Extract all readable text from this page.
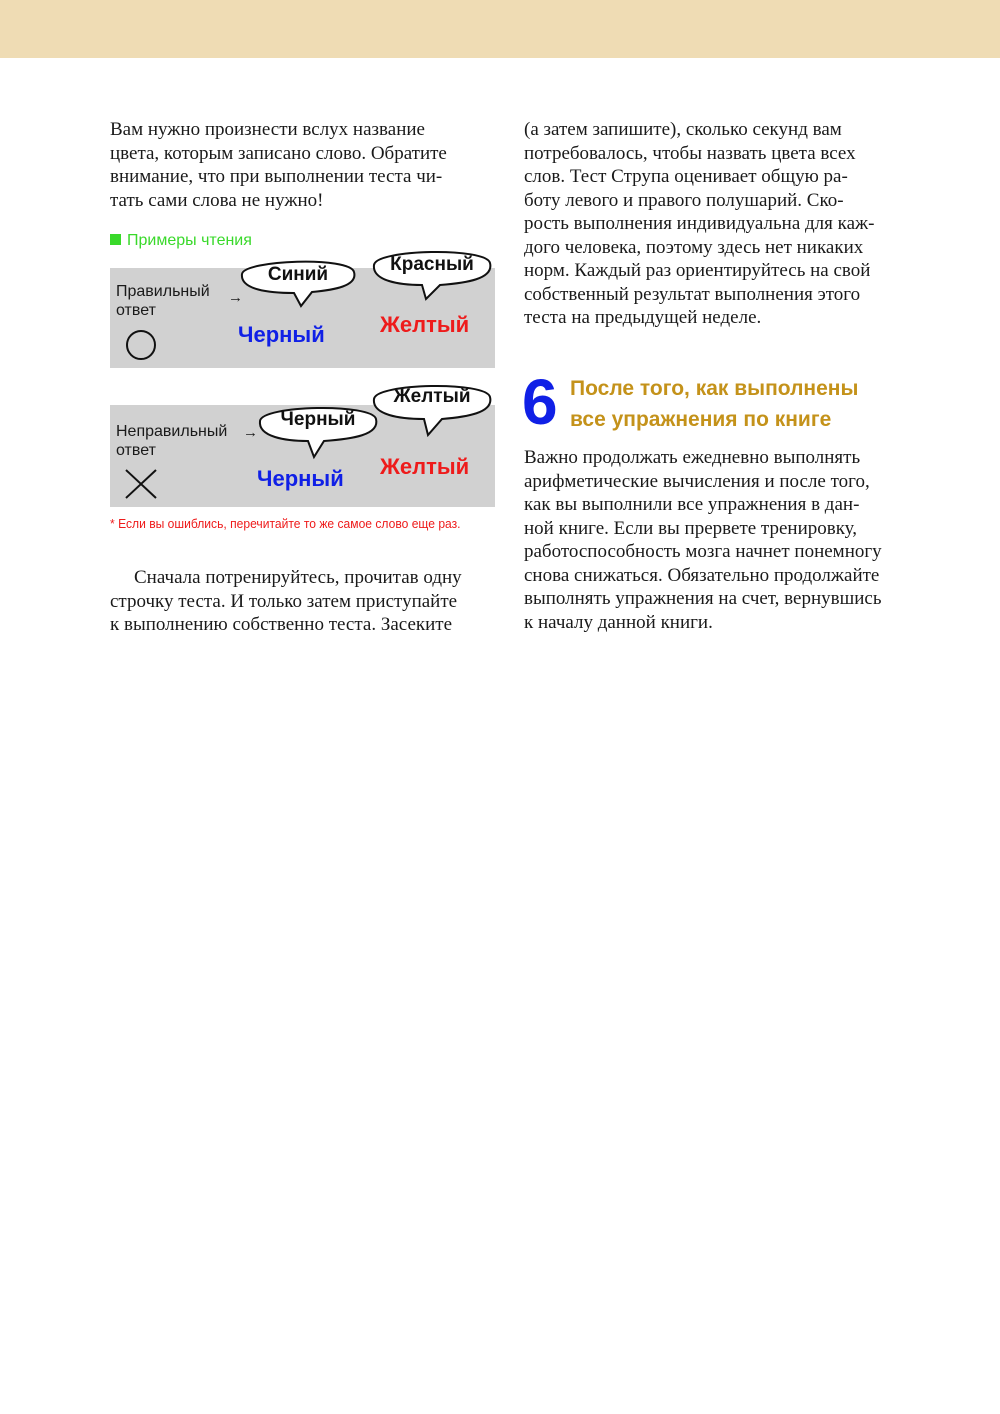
Вам нужно произнести вслух название
цвета, которым записано слово. Обратите
внимание, что при выполнении теста чи-
тать сами слова не нужно!

Примеры чтения
Правильный
ответ
→
Синий	Красный
Черный	Желтый
Неправильный
ответ
→
Черный
Желтый
Черный Желтый
* Если вы ошиблись, перечитайте то же самое слово еще раз.

Сначала потренируйтесь, прочитав одну
строчку теста. И только затем приступайте
к выполнению собственно теста. Засеките

(а затем запишите), сколько секунд вам
потребовалось, чтобы назвать цвета всех
слов. Тест Струпа оценивает общую ра-
боту левого и правого полушарий. Ско-
рость выполнения индивидуальна для каж-
дого человека, поэтому здесь нет никаких
норм. Каждый раз ориентируйтесь на свой
собственный результат выполнения этого
теста на предыдущей неделе.

6 После того, как выполнены
все упражнения по книге

Важно продолжать ежедневно выполнять
арифметические вычисления и после того,
как вы выполнили все упражнения в дан-
ной книге. Если вы прервете тренировку,
работоспособность мозга начнет понемногу
снова снижаться. Обязательно продолжайте
выполнять упражнения на счет, вернувшись
к началу данной книги.
